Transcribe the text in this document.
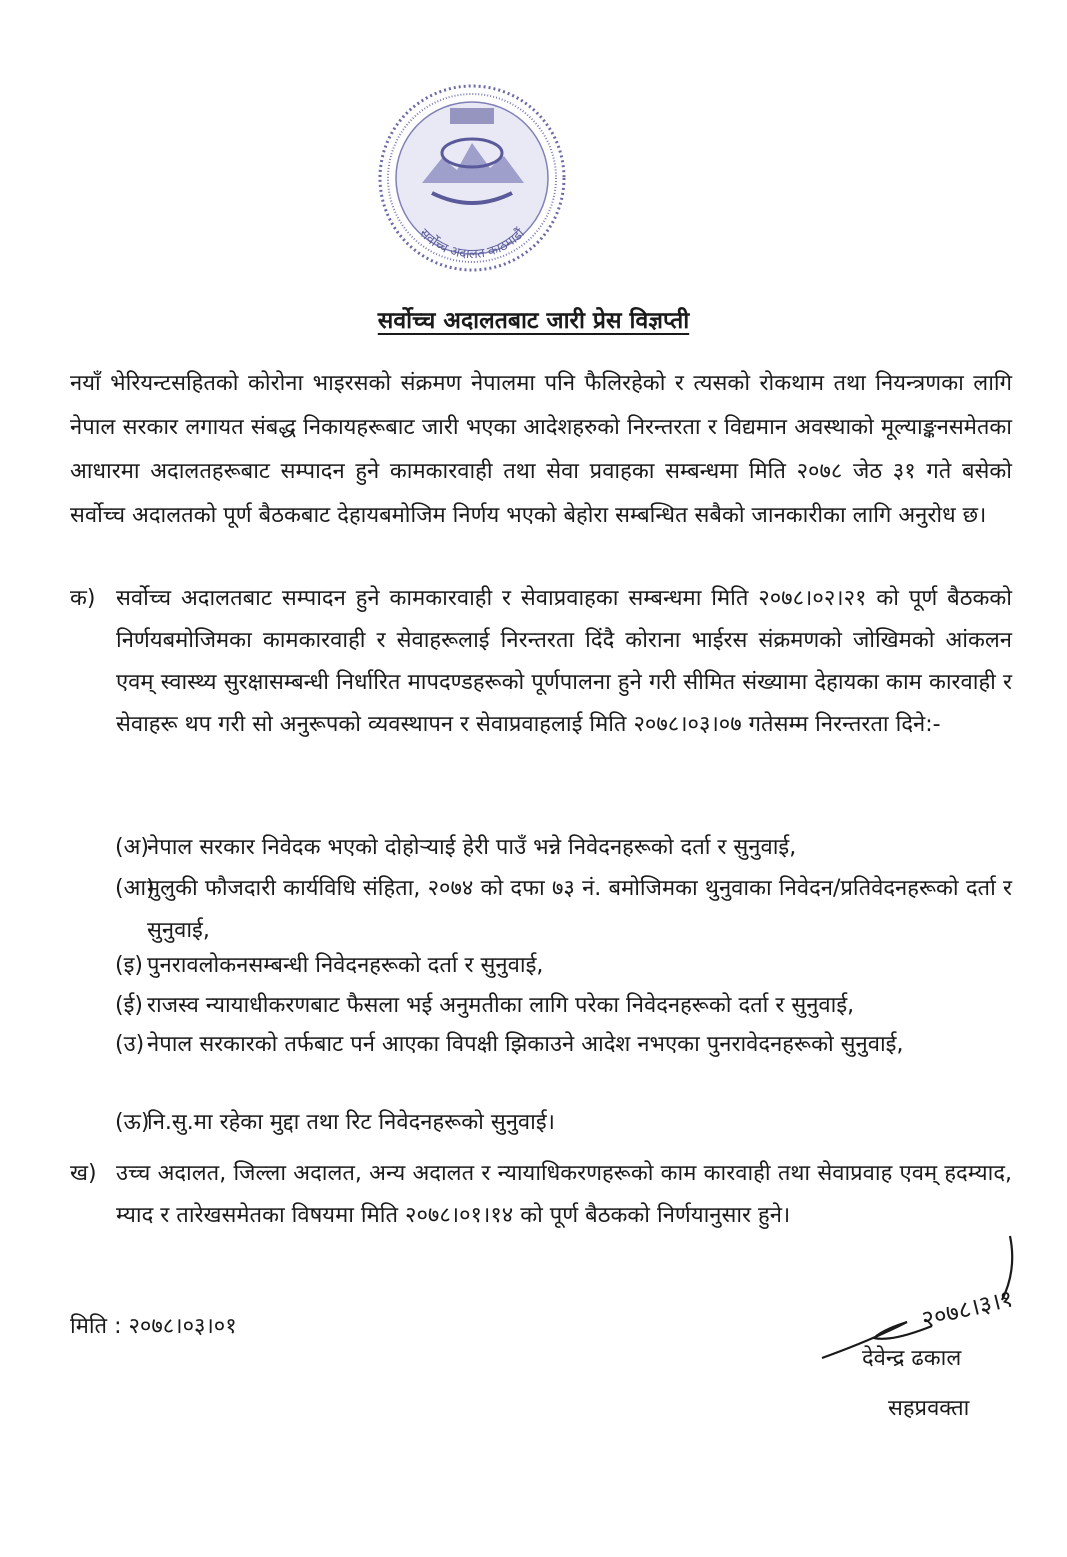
सर्वोच्च अदालत काठमाडौं
सर्वोच्च अदालतबाट जारी प्रेस विज्ञप्ती
नयाँ भेरियन्टसहितको कोरोना भाइरसको संक्रमण नेपालमा पनि फैलिरहेको र त्यसको रोकथाम तथा नियन्त्रणका लागि नेपाल सरकार लगायत संबद्ध निकायहरूबाट जारी भएका आदेशहरुको निरन्तरता र विद्यमान अवस्थाको मूल्याङ्कनसमेतका आधारमा अदालतहरूबाट सम्पादन हुने कामकारवाही तथा सेवा प्रवाहका सम्बन्धमा मिति २०७८ जेठ ३१ गते बसेको सर्वोच्च अदालतको पूर्ण बैठकबाट देहायबमोजिम निर्णय भएको बेहोरा सम्बन्धित सबैको जानकारीका लागि अनुरोध छ।
क) सर्वोच्च अदालतबाट सम्पादन हुने कामकारवाही र सेवाप्रवाहका सम्बन्धमा मिति २०७८।०२।२१ को पूर्ण बैठकको निर्णयबमोजिमका कामकारवाही र सेवाहरूलाई निरन्तरता दिंदै कोराना भाईरस संक्रमणको जोखिमको आंकलन एवम् स्वास्थ्य सुरक्षासम्बन्धी निर्धारित मापदण्डहरूको पूर्णपालना हुने गरी सीमित संख्यामा देहायका काम कारवाही र सेवाहरू थप गरी सो अनुरूपको व्यवस्थापन र सेवाप्रवाहलाई मिति २०७८।०३।०७ गतेसम्म निरन्तरता दिने:-
(अ)
नेपाल सरकार निवेदक भएको दोहोऱ्याई हेरी पाउँ भन्ने निवेदनहरूको दर्ता र सुनुवाई,
(आ)
मुलुकी फौजदारी कार्यविधि संहिता, २०७४ को दफा ७३ नं. बमोजिमका थुनुवाका निवेदन/प्रतिवेदनहरूको दर्ता र सुनुवाई,
(इ) पुनरावलोकनसम्बन्धी निवेदनहरूको दर्ता र सुनुवाई,
(ई) राजस्व न्यायाधीकरणबाट फैसला भई अनुमतीका लागि परेका निवेदनहरूको दर्ता र सुनुवाई,
(उ) नेपाल सरकारको तर्फबाट पर्न आएका विपक्षी झिकाउने आदेश नभएका पुनरावेदनहरूको सुनुवाई,
(ऊ)
नि.सु.मा रहेका मुद्दा तथा रिट निवेदनहरूको सुनुवाई।
ख) उच्च अदालत, जिल्ला अदालत, अन्य अदालत र न्यायाधिकरणहरूको काम कारवाही तथा सेवाप्रवाह एवम् हदम्याद, म्याद र तारेखसमेतका विषयमा मिति २०७८।०१।१४ को पूर्ण बैठकको निर्णयानुसार हुने।
मिति : २०७८।०३।०१	२०७८।३।१
देवेन्द्र ढकाल
सहप्रवक्ता
